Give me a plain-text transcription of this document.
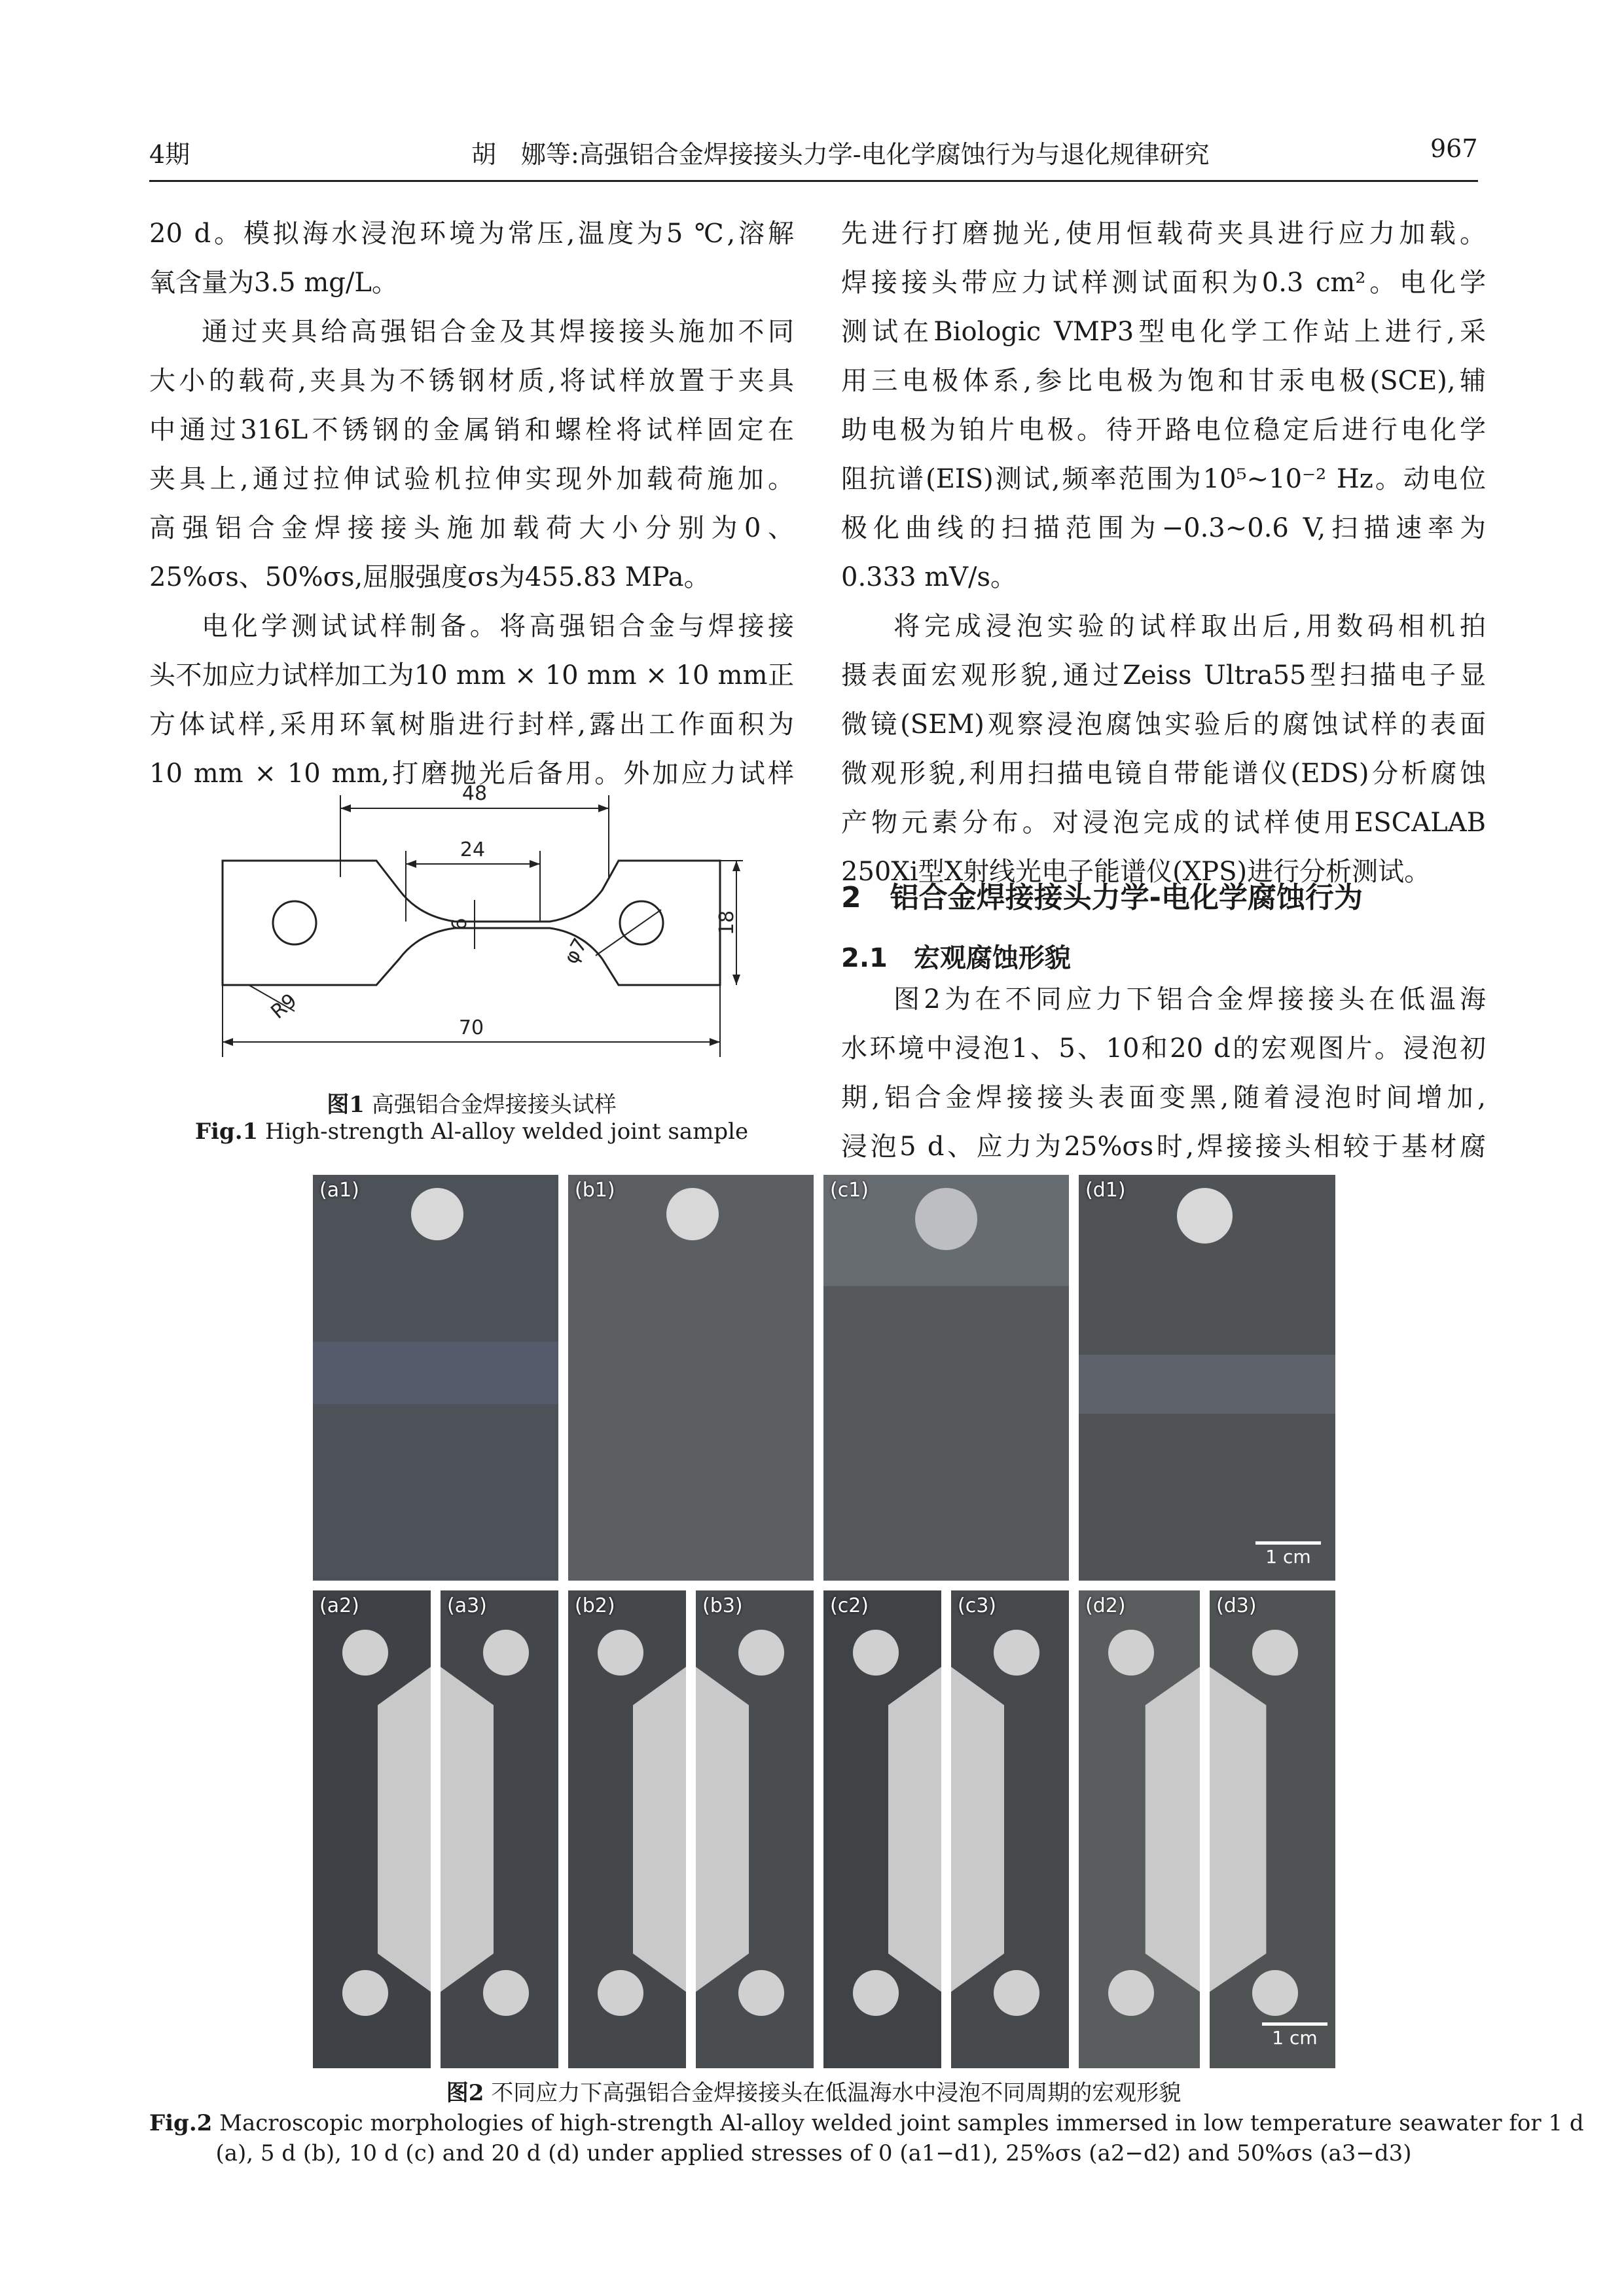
4期	胡　娜等:高强铝合金焊接接头力学-电化学腐蚀行为与退化规律研究	967

20 d。模拟海水浸泡环境为常压,温度为5 ℃,溶解

氧含量为3.5 mg/L。

通过夹具给高强铝合金及其焊接接头施加不同

大小的载荷,夹具为不锈钢材质,将试样放置于夹具

中通过316L不锈钢的金属销和螺栓将试样固定在

夹具上,通过拉伸试验机拉伸实现外加载荷施加。

高强铝合金焊接接头施加载荷大小分别为0、

25%σs、50%σs,屈服强度σs为455.83 MPa。

电化学测试试样制备。将高强铝合金与焊接接

头不加应力试样加工为10 mm × 10 mm × 10 mm正

方体试样,采用环氧树脂进行封样,露出工作面积为

10 mm × 10 mm,打磨抛光后备用。外加应力试样

先进行打磨抛光,使用恒载荷夹具进行应力加载。

焊接接头带应力试样测试面积为0.3 cm²。电化学

测试在Biologic VMP3型电化学工作站上进行,采

用三电极体系,参比电极为饱和甘汞电极(SCE),辅

助电极为铂片电极。待开路电位稳定后进行电化学

阻抗谱(EIS)测试,频率范围为10⁵~10⁻² Hz。动电位

极化曲线的扫描范围为−0.3~0.6 V,扫描速率为

0.333 mV/s。

将完成浸泡实验的试样取出后,用数码相机拍

摄表面宏观形貌,通过Zeiss Ultra55型扫描电子显

微镜(SEM)观察浸泡腐蚀实验后的腐蚀试样的表面

微观形貌,利用扫描电镜自带能谱仪(EDS)分析腐蚀

产物元素分布。对浸泡完成的试样使用ESCALAB

250Xi型X射线光电子能谱仪(XPS)进行分析测试。

2　铝合金焊接接头力学-电化学腐蚀行为
2.1　宏观腐蚀形貌

图2为在不同应力下铝合金焊接接头在低温海

水环境中浸泡1、5、10和20 d的宏观图片。浸泡初

期,铝合金焊接接头表面变黑,随着浸泡时间增加,

浸泡5 d、应力为25%σs时,焊接接头相较于基材腐

48
24
70
6	18
φ7
R9
图1 高强铝合金焊接接头试样
Fig.1 High-strength Al-alloy welded joint sample
(a1)	(b1)	(c1)	(d1)
1 cm
(a2)	(a3)	(b2)	(b3)	(c2)	(c3)	(d2)	(d3)
1 cm
图2 不同应力下高强铝合金焊接接头在低温海水中浸泡不同周期的宏观形貌
Fig.2 Macroscopic morphologies of high-strength Al-alloy welded joint samples immersed in low temperature seawater for 1 d
(a), 5 d (b), 10 d (c) and 20 d (d) under applied stresses of 0 (a1−d1), 25%σs (a2−d2) and 50%σs (a3−d3)
